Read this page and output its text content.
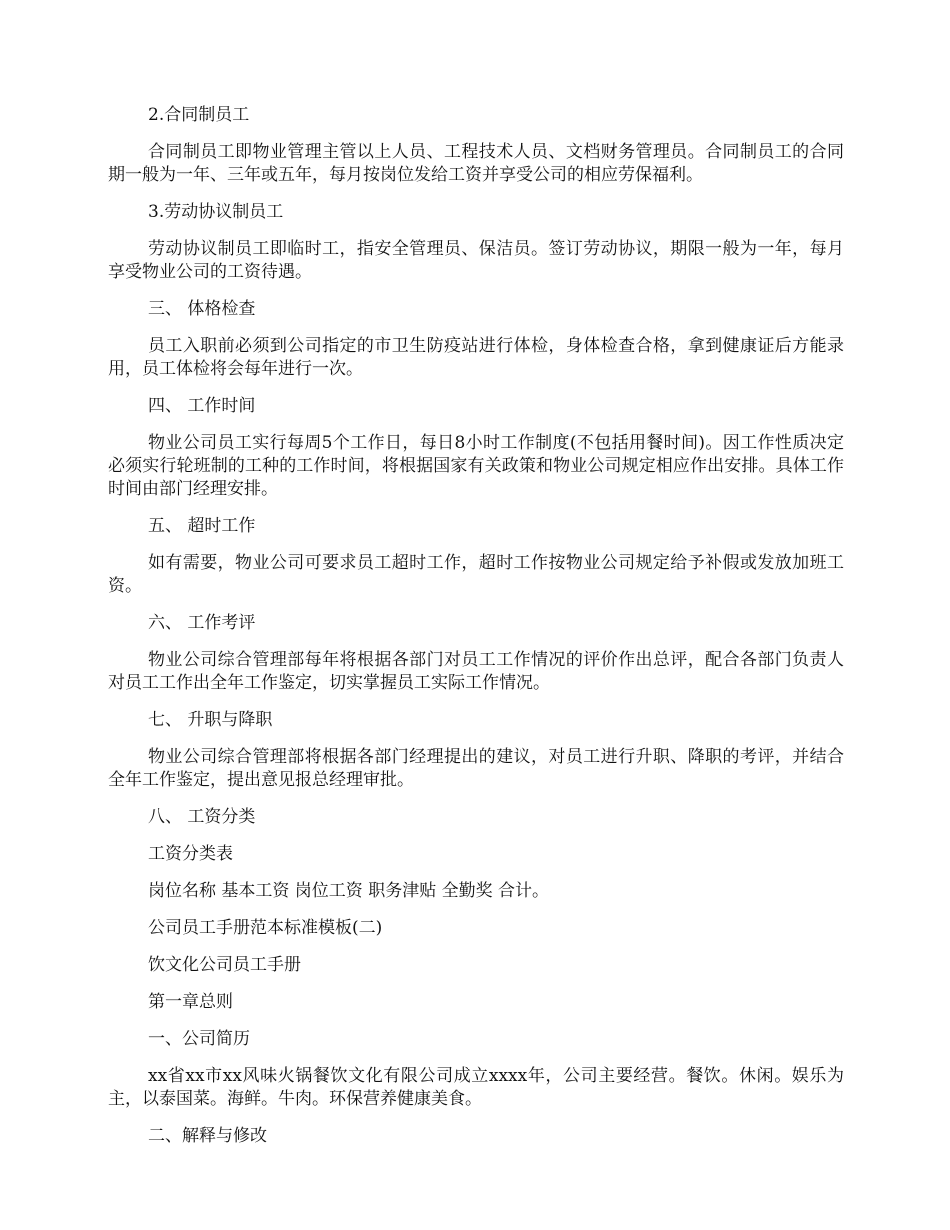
2.合同制员工

合同制员工即物业管理主管以上人员、工程技术人员、文档财务管理员。合同制员工的合同期一般为一年、三年或五年，每月按岗位发给工资并享受公司的相应劳保福利。

3.劳动协议制员工

劳动协议制员工即临时工，指安全管理员、保洁员。签订劳动协议，期限一般为一年，每月享受物业公司的工资待遇。

三、 体格检查

员工入职前必须到公司指定的市卫生防疫站进行体检，身体检查合格，拿到健康证后方能录用，员工体检将会每年进行一次。

四、 工作时间

物业公司员工实行每周5个工作日，每日8小时工作制度(不包括用餐时间)。因工作性质决定必须实行轮班制的工种的工作时间，将根据国家有关政策和物业公司规定相应作出安排。具体工作时间由部门经理安排。

五、 超时工作

如有需要，物业公司可要求员工超时工作，超时工作按物业公司规定给予补假或发放加班工资。

六、 工作考评

物业公司综合管理部每年将根据各部门对员工工作情况的评价作出总评，配合各部门负责人对员工工作出全年工作鉴定，切实掌握员工实际工作情况。

七、 升职与降职

物业公司综合管理部将根据各部门经理提出的建议，对员工进行升职、降职的考评，并结合全年工作鉴定，提出意见报总经理审批。

八、 工资分类

工资分类表

岗位名称 基本工资 岗位工资 职务津贴 全勤奖 合计。

公司员工手册范本标准模板(二)

饮文化公司员工手册

第一章总则

一、公司简历

xx省xx市xx风味火锅餐饮文化有限公司成立xxxx年，公司主要经营。餐饮。休闲。娱乐为主，以泰国菜。海鲜。牛肉。环保营养健康美食。

二、解释与修改
